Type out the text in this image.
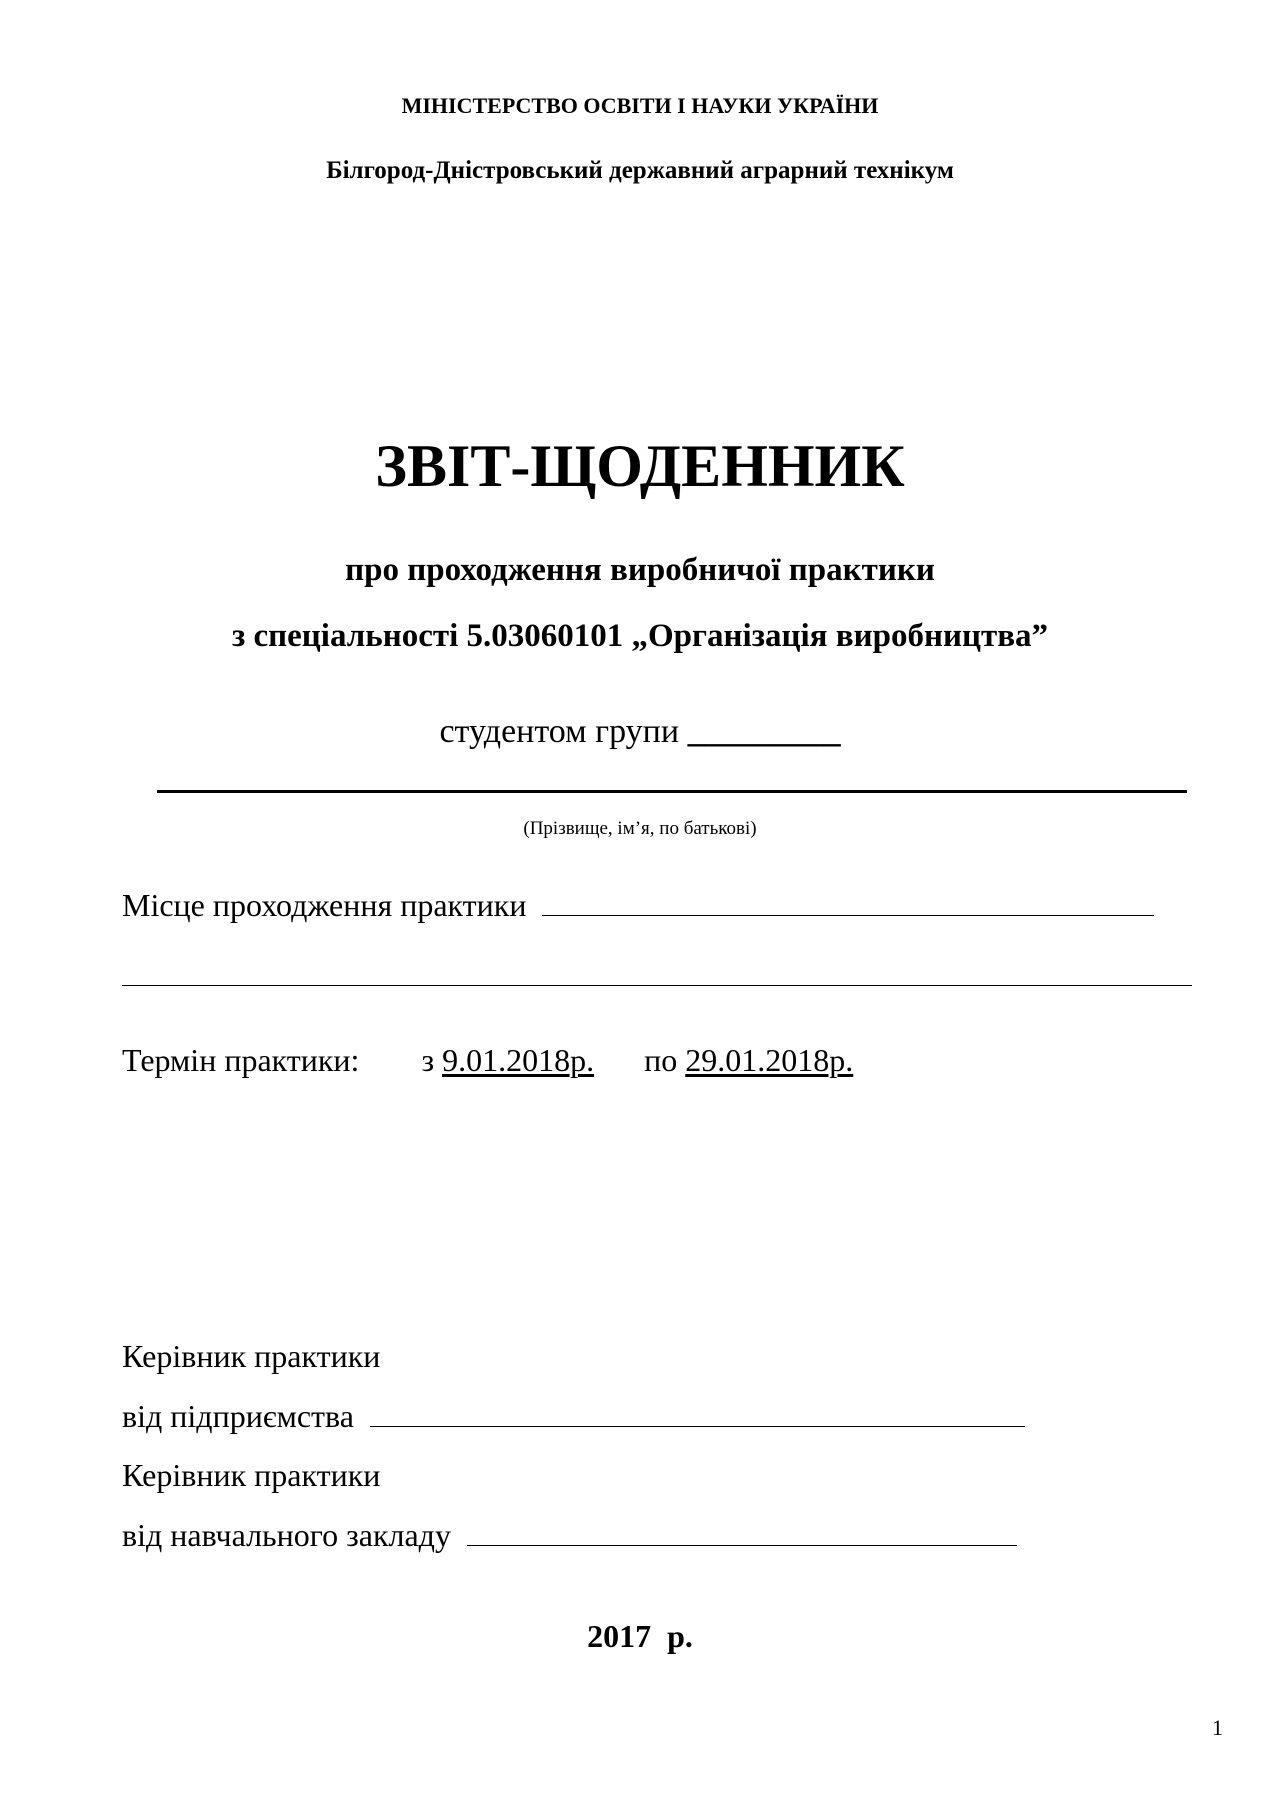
МІНІСТЕРСТВО ОСВІТИ І НАУКИ УКРАЇНИ
Білгород-Дністровський державний аграрний технікум
ЗВІТ-ЩОДЕННИК
про проходження виробничої практики
з спеціальності 5.03060101 „Організація виробництва”
студентом групи _________
(Прізвище, ім’я, по батькові)
Місце проходження практики
Термін практики: з 9.01.2018р. по 29.01.2018р.
Керівник практики
від підприємства
Керівник практики
від навчального закладу
2017  р.
1
